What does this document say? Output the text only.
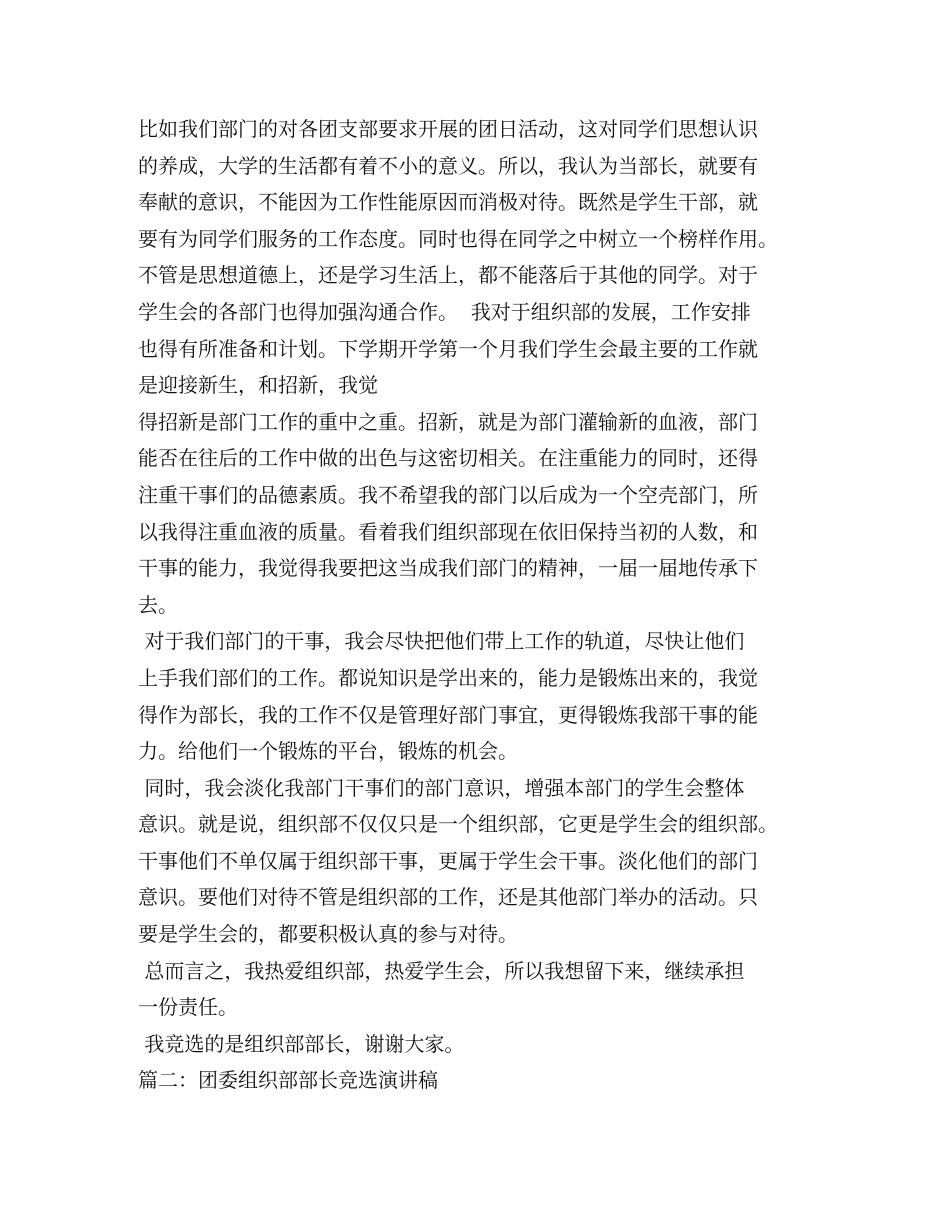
比如我们部门的对各团支部要求开展的团日活动，这对同学们思想认识
的养成，大学的生活都有着不小的意义。所以，我认为当部长，就要有
奉献的意识，不能因为工作性能原因而消极对待。既然是学生干部，就
要有为同学们服务的工作态度。同时也得在同学之中树立一个榜样作用。
不管是思想道德上，还是学习生活上，都不能落后于其他的同学。对于
学生会的各部门也得加强沟通合作。  我对于组织部的发展，工作安排
也得有所准备和计划。下学期开学第一个月我们学生会最主要的工作就
是迎接新生，和招新，我觉
得招新是部门工作的重中之重。招新，就是为部门灌输新的血液，部门
能否在往后的工作中做的出色与这密切相关。在注重能力的同时，还得
注重干事们的品德素质。我不希望我的部门以后成为一个空壳部门，所
以我得注重血液的质量。看着我们组织部现在依旧保持当初的人数，和
干事的能力，我觉得我要把这当成我们部门的精神，一届一届地传承下
去。
对于我们部门的干事，我会尽快把他们带上工作的轨道，尽快让他们
上手我们部们的工作。都说知识是学出来的，能力是锻炼出来的，我觉
得作为部长，我的工作不仅是管理好部门事宜，更得锻炼我部干事的能
力。给他们一个锻炼的平台，锻炼的机会。
同时，我会淡化我部门干事们的部门意识，增强本部门的学生会整体
意识。就是说，组织部不仅仅只是一个组织部，它更是学生会的组织部。
干事他们不单仅属于组织部干事，更属于学生会干事。淡化他们的部门
意识。要他们对待不管是组织部的工作，还是其他部门举办的活动。只
要是学生会的，都要积极认真的参与对待。
总而言之，我热爱组织部，热爱学生会，所以我想留下来，继续承担
一份责任。
我竞选的是组织部部长，谢谢大家。
篇二：团委组织部部长竞选演讲稿
